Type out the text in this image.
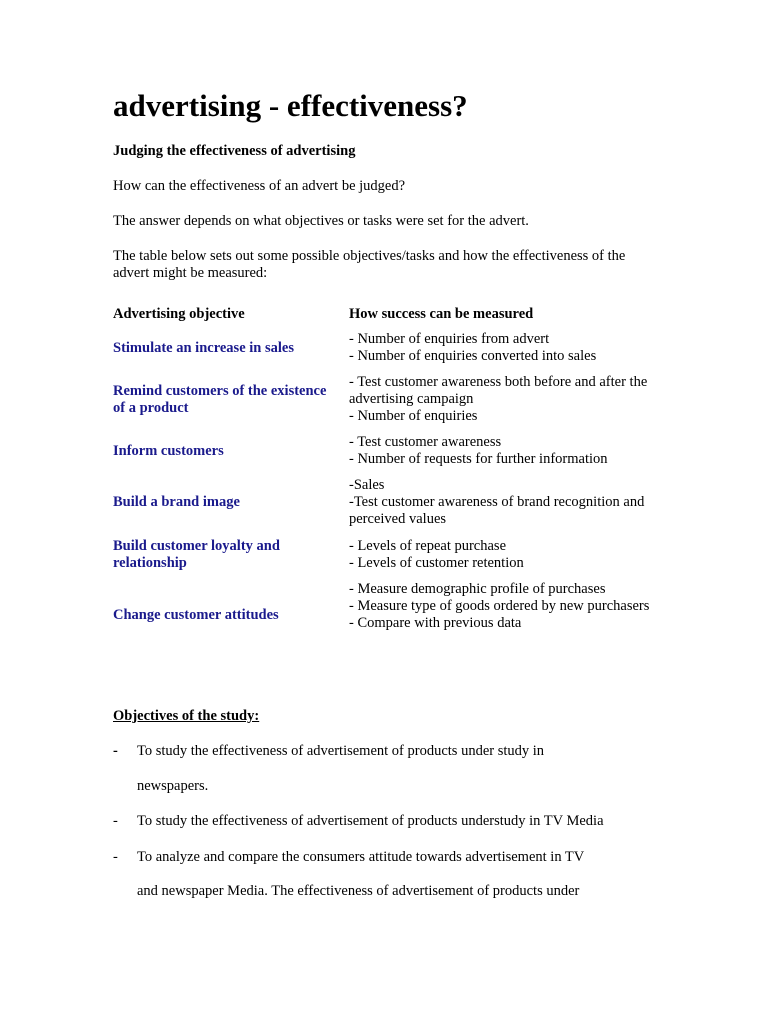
advertising - effectiveness?
Judging the effectiveness of advertising

How can the effectiveness of an advert be judged?

The answer depends on what objectives or tasks were set for the advert.

The table below sets out some possible objectives/tasks and how the effectiveness of the advert might be measured:

Advertising objective	How success can be measured

Stimulate an increase in sales

- Number of enquiries from advert
- Number of enquiries converted into sales

Remind customers of the existence of a product

- Test customer awareness both before and after the advertising campaign
- Number of enquiries

Inform customers

- Test customer awareness
- Number of requests for further information

Build a brand image

-Sales
-Test customer awareness of brand recognition and perceived values

Build customer loyalty and relationship

- Levels of repeat purchase
- Levels of customer retention

Change customer attitudes

- Measure demographic profile of purchases
- Measure type of goods ordered by new purchasers
- Compare with previous data
Objectives of the study:
- To study the effectiveness of advertisement of products under study in
newspapers.
- To study the effectiveness of advertisement of products understudy in TV Media
- To analyze and compare the consumers attitude towards advertisement in TV
and newspaper Media. The effectiveness of advertisement of products under
